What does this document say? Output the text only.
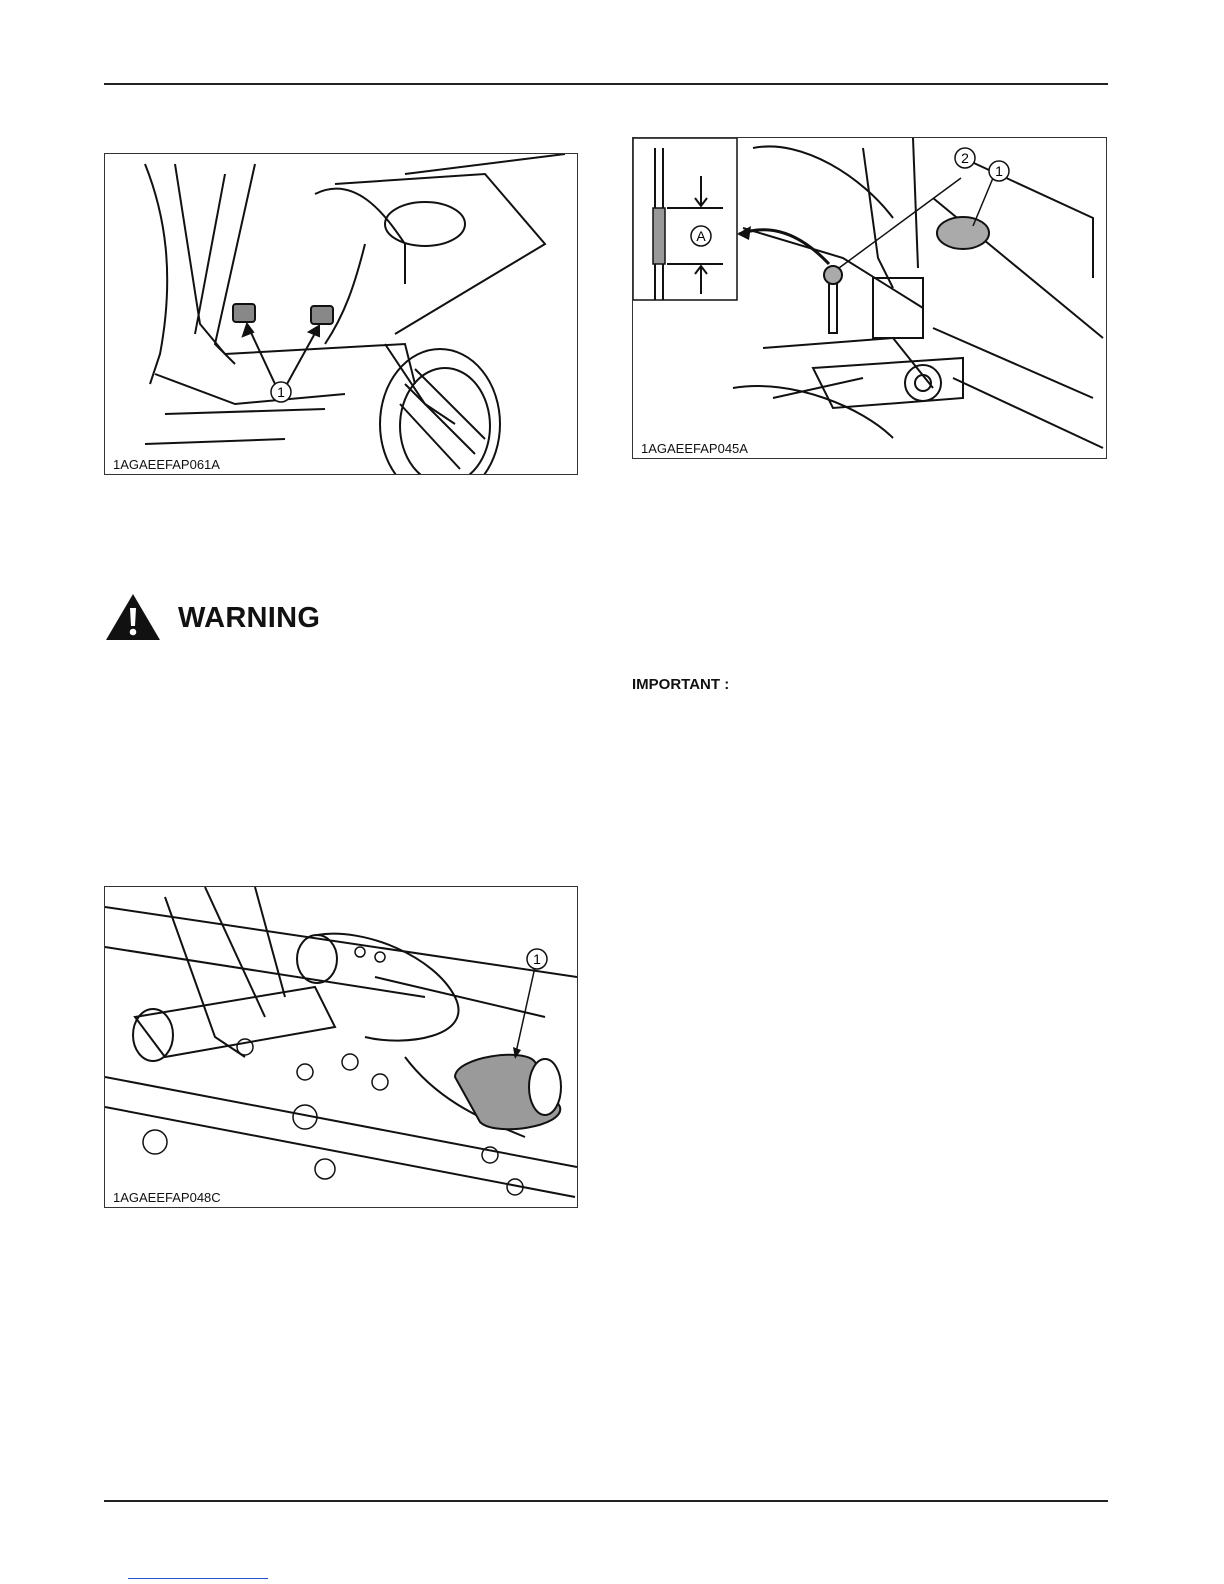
1
1AGAEEFAP061A
1
2
A
1AGAEEFAP045A
WARNING
IMPORTANT :
1
1AGAEEFAP048C
